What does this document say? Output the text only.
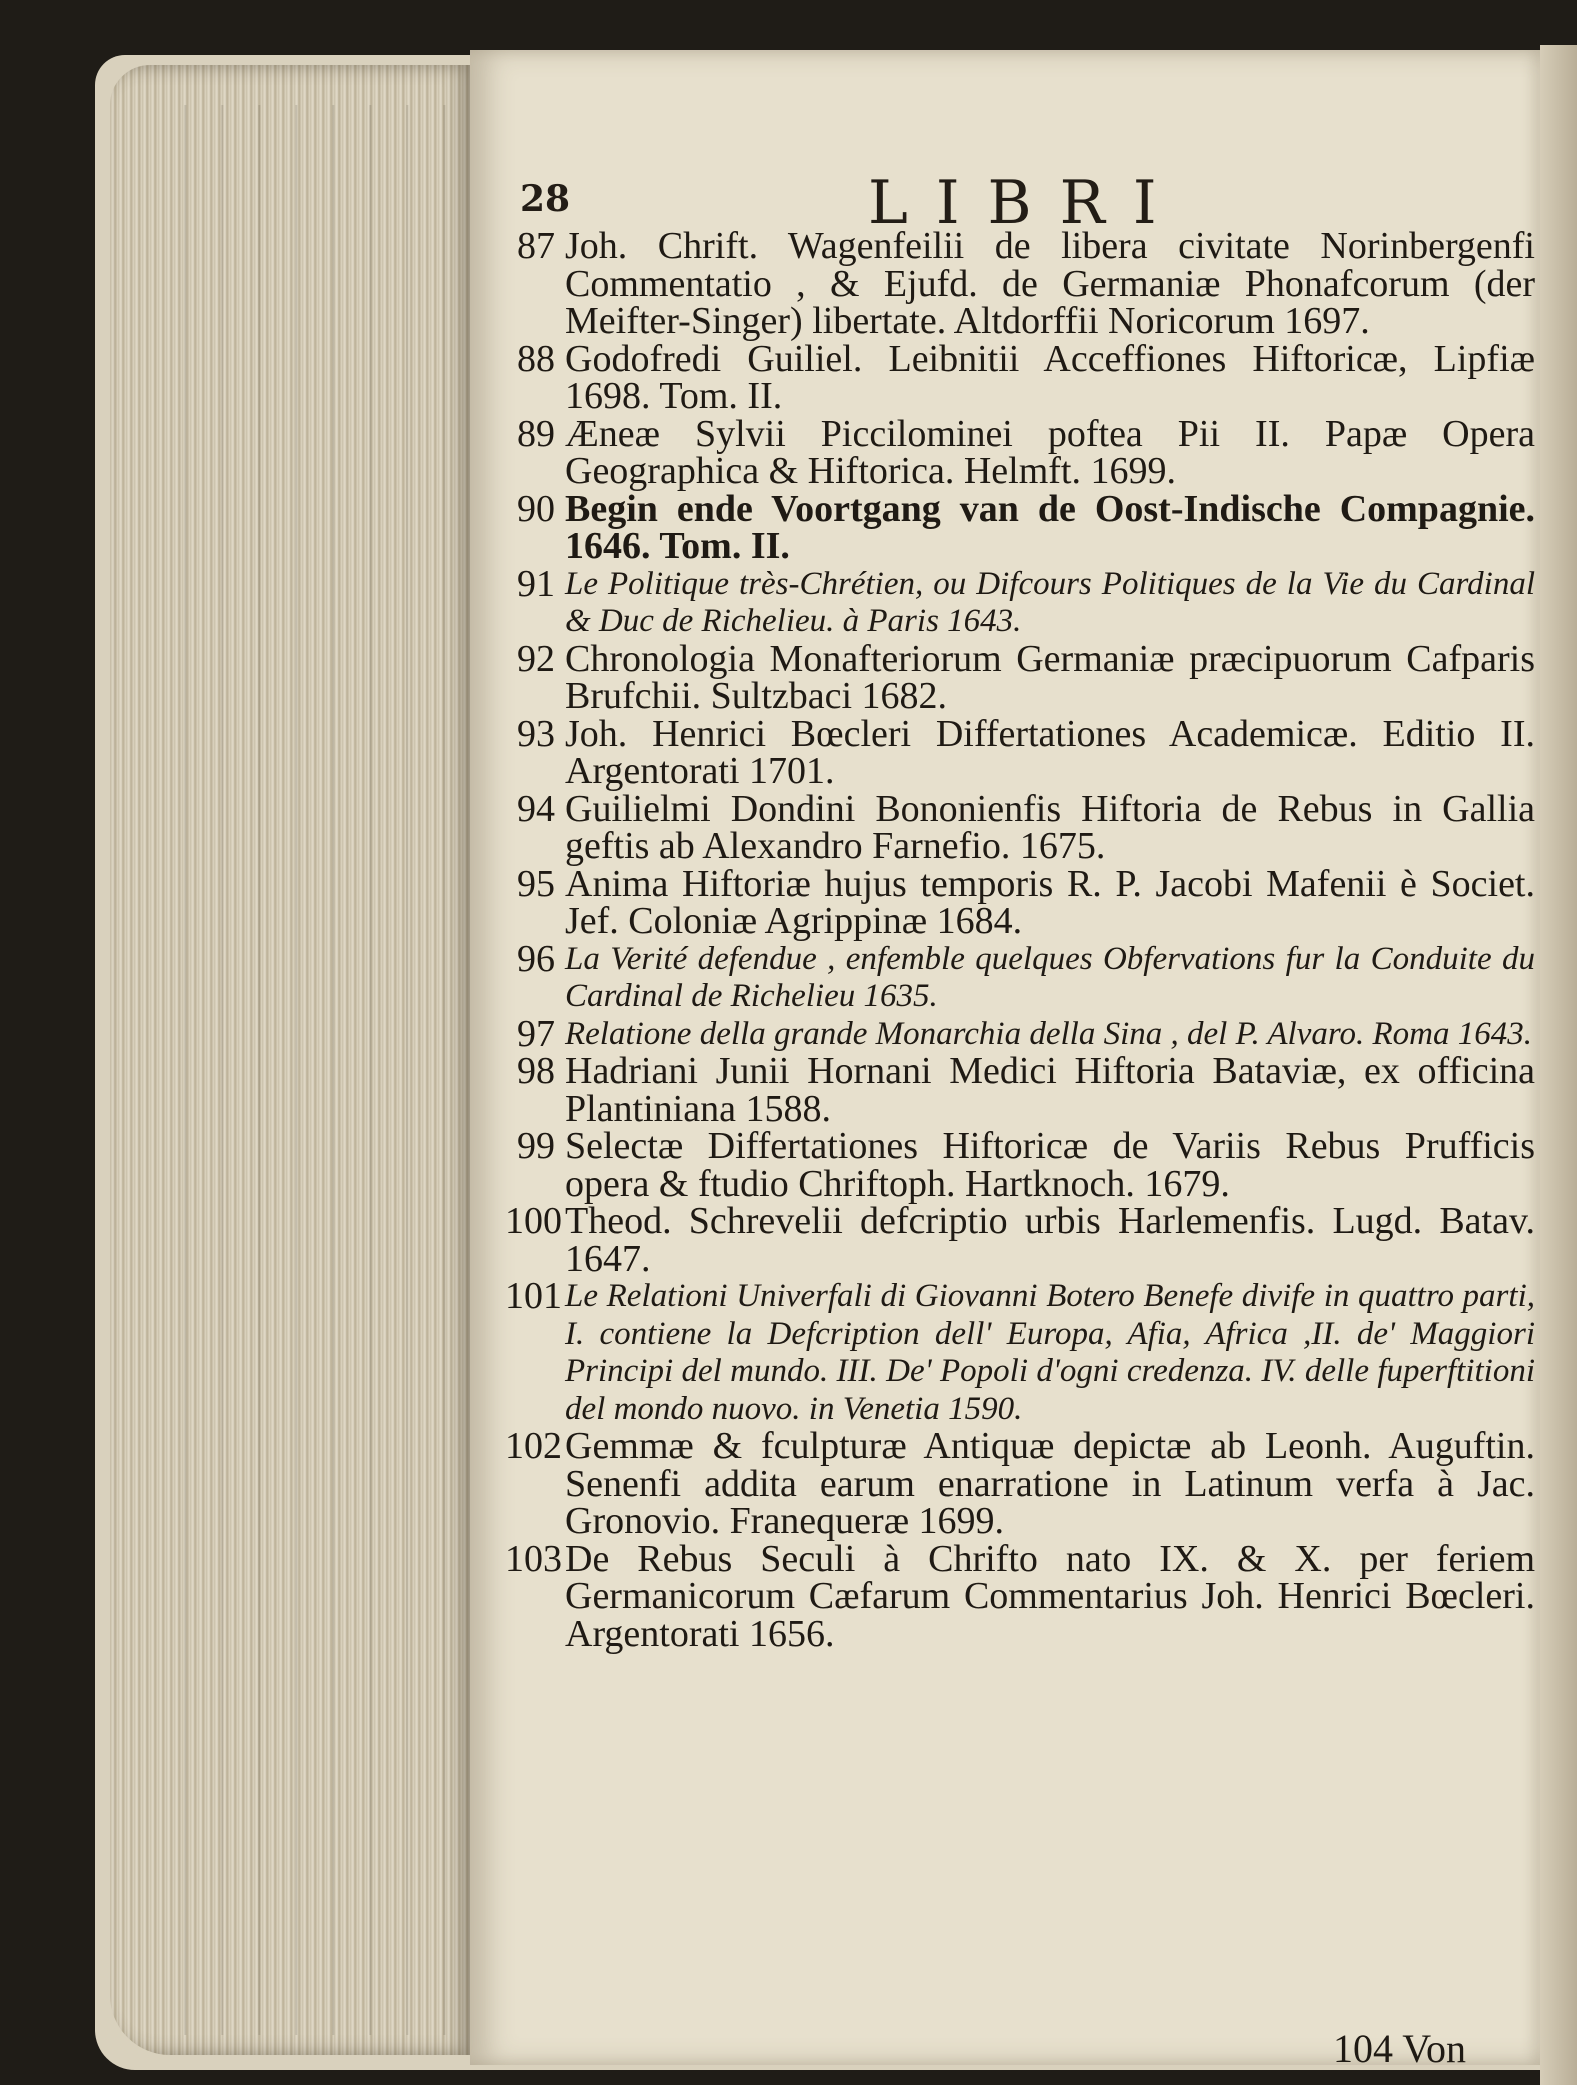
28	LIBRI
87 Joh. Chrift. Wagenfeilii de libera civitate Norinbergenfi Commentatio , & Ejufd. de Germaniæ Phonafcorum (der Meifter-Singer) libertate. Altdorffii Noricorum 1697.
88 Godofredi Guiliel. Leibnitii Acceffiones Hiftoricæ, Lipfiæ 1698. Tom. II.
89 Æneæ Sylvii Piccilominei poftea Pii II. Papæ Opera Geographica & Hiftorica. Helmft. 1699.
90 Begin ende Voortgang van de Oost-Indische Compagnie. 1646. Tom. II.
91 Le Politique très-Chrétien, ou Difcours Politiques de la Vie du Cardinal & Duc de Richelieu. à Paris 1643.
92 Chronologia Monafteriorum Germaniæ præcipuorum Cafparis Brufchii. Sultzbaci 1682.
93 Joh. Henrici Bœcleri Differtationes Academicæ. Editio II. Argentorati 1701.
94 Guilielmi Dondini Bononienfis Hiftoria de Rebus in Gallia geftis ab Alexandro Farnefio. 1675.
95 Anima Hiftoriæ hujus temporis R. P. Jacobi Mafenii è Societ. Jef. Coloniæ Agrippinæ 1684.
96 La Verité defendue , enfemble quelques Obfervations fur la Conduite du Cardinal de Richelieu 1635.
97 Relatione della grande Monarchia della Sina , del P. Alvaro. Roma 1643.
98 Hadriani Junii Hornani Medici Hiftoria Bataviæ, ex officina Plantiniana 1588.
99 Selectæ Differtationes Hiftoricæ de Variis Rebus Prufficis opera & ftudio Chriftoph. Hartknoch. 1679.
100 Theod. Schrevelii defcriptio urbis Harlemenfis. Lugd. Batav. 1647.
101 Le Relationi Univerfali di Giovanni Botero Benefe divife in quattro parti, I. contiene la Defcription dell' Europa, Afia, Africa ,II. de' Maggiori Principi del mundo. III. De' Popoli d'ogni credenza. IV. delle fuperftitioni del mondo nuovo. in Venetia 1590.
102 Gemmæ & fculpturæ Antiquæ depictæ ab Leonh. Auguftin. Senenfi addita earum enarratione in Latinum verfa à Jac. Gronovio. Franequeræ 1699.
103 De Rebus Seculi à Chrifto nato IX. & X. per feriem Germanicorum Cæfarum Commentarius Joh. Henrici Bœcleri. Argentorati 1656.
104 Von
